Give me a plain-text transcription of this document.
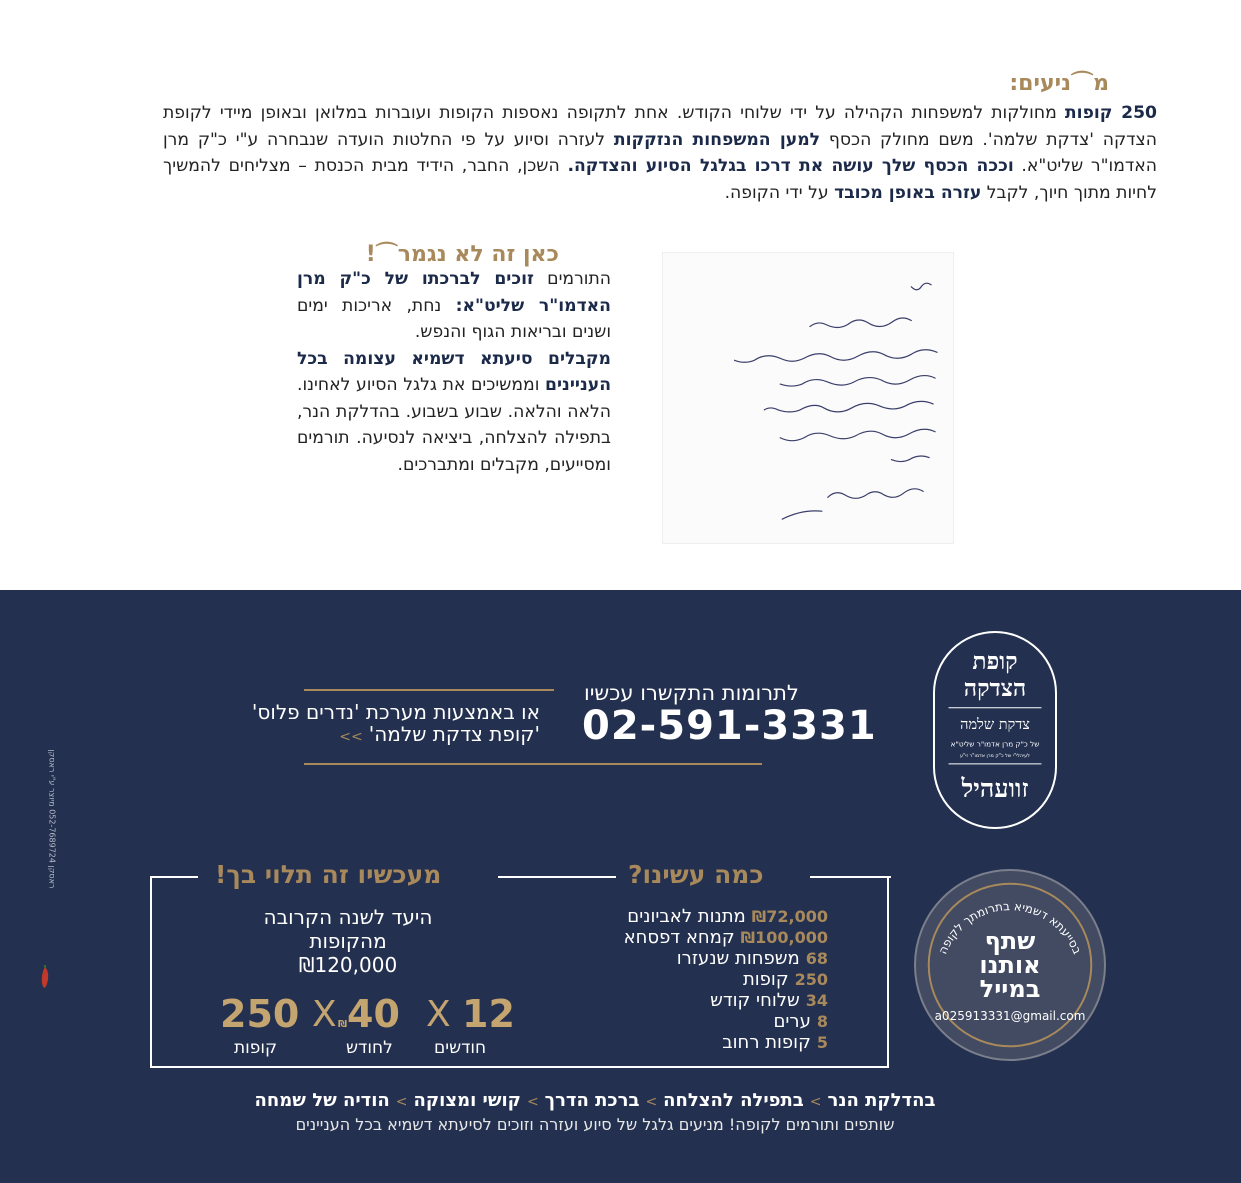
מ⌒ניעים:
250 קופות מחולקות למשפחות הקהילה על ידי שלוחי הקודש. אחת לתקופה נאספות הקופות ועוברות במלואן ובאופן מיידי לקופת הצדקה 'צדקת שלמה'. משם מחולק הכסף למען המשפחות הנזקקות לעזרה וסיוע על פי החלטות הועדה שנבחרה ע"י כ"ק מרן האדמו"ר שליט"א. וככה הכסף שלך עושה את דרכו בגלגל הסיוע והצדקה. השכן, החבר, הידיד מבית הכנסת – מצליחים להמשיך לחיות מתוך חיוך, לקבל עזרה באופן מכובד על ידי הקופה.
כאן זה לא נגמר⌒!

התורמים זוכים לברכתו של כ"ק מרן האדמו"ר שליט"א: נחת, אריכות ימים ושנים ובריאות הגוף והנפש.

מקבלים סיעתא דשמיא עצומה בכל העניינים וממשיכים את גלגל הסיוע לאחינו. הלאה והלאה. שבוע בשבוע. בהדלקת הנר, בתפילה להצלחה, ביציאה לנסיעה. תורמים ומסייעים, מקבלים ומתברכים.

קופת
הצדקה
צדקת שלמה
של כ"ק מרן אדמו"ר שליט"א
לעיהלי"י של כ"ק מרן אדמו"ר זי"ע
זוועהיל
לתרומות התקשרו עכשיו
02-591-3331
או באמצעות מערכת 'נדרים פלוס'
'קופת צדקת שלמה'>>
ראסקן 052-7689724 מיוצר ע"י ראסקן	כמה עשינו?
מעכשיו זה תלוי בך!
₪72,000מתנות לאביונים
₪100,000קמחא דפסחא
68משפחות שנעזרו
250קופות
34שלוחי קודש
8ערים
5קופות רחוב
היעד לשנה הקרובה
מהקופות
₪120,000
12
חודשים
X
₪40
לחודש
X
250
קופות
בסייעתא דשמיא בתרומתך לקופה
שתף
אותנו
במייל
a025913331@gmail.com
בהדלקת הנר>בתפילה להצלחה>ברכת הדרך>קושי ומצוקה>הודיה של שמחה
שותפים ותורמים לקופה! מניעים גלגל של סיוע ועזרה וזוכים לסיעתא דשמיא בכל העניינים
